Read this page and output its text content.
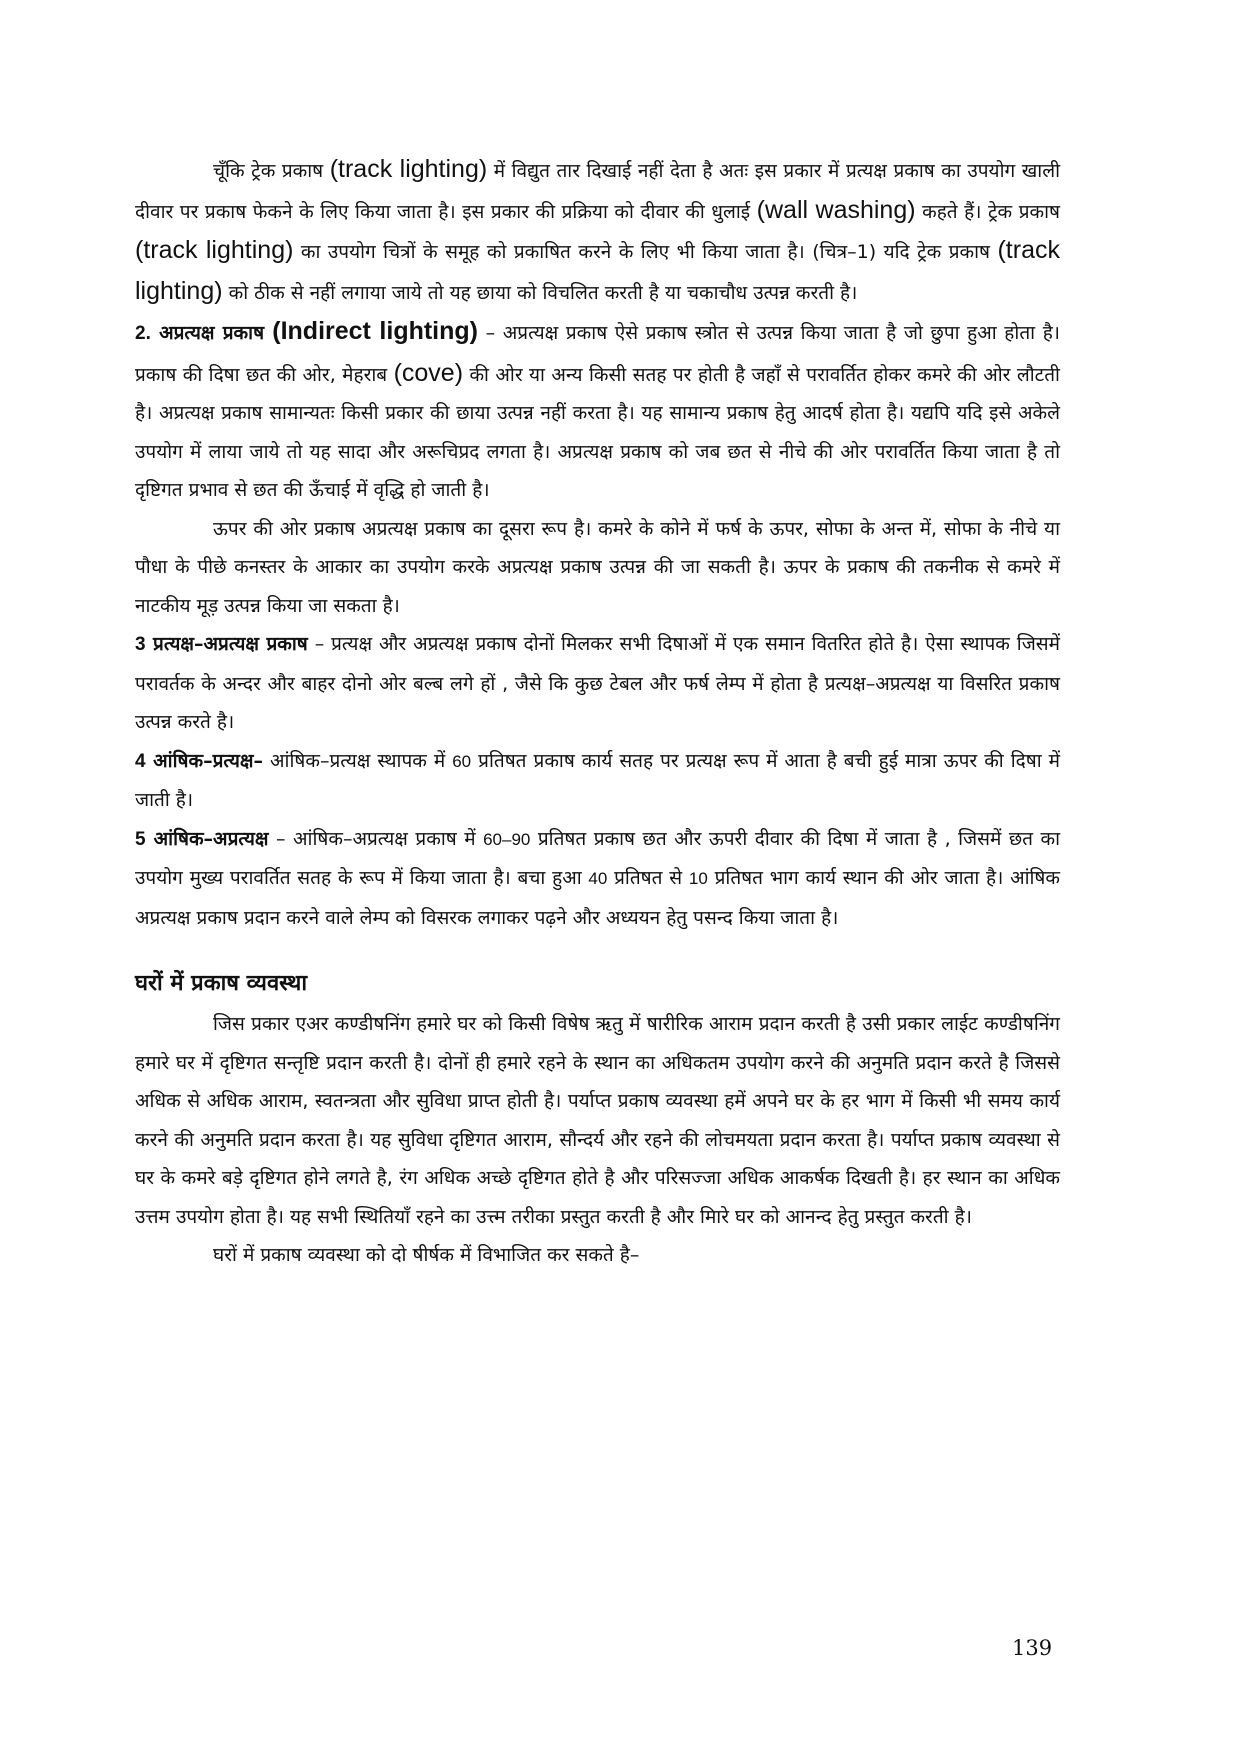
चूँकि ट्रेक प्रकाष (track lighting) में विद्युत तार दिखाई नहीं देता है अतः इस प्रकार में प्रत्यक्ष प्रकाष का उपयोग खाली दीवार पर प्रकाष फेकने के लिए किया जाता है। इस प्रकार की प्रक्रिया को दीवार की धुलाई (wall washing) कहते हैं। ट्रेक प्रकाष (track lighting) का उपयोग चित्रों के समूह को प्रकाषित करने के लिए भी किया जाता है। (चित्र–1) यदि ट्रेक प्रकाष (track lighting) को ठीक से नहीं लगाया जाये तो यह छाया को विचलित करती है या चकाचौध उत्पन्न करती है।

2. अप्रत्यक्ष प्रकाष (Indirect lighting) – अप्रत्यक्ष प्रकाष ऐसे प्रकाष स्त्रोत से उत्पन्न किया जाता है जो छुपा हुआ होता है। प्रकाष की दिषा छत की ओर, मेहराब (cove) की ओर या अन्य किसी सतह पर होती है जहाँ से परावर्तित होकर कमरे की ओर लौटती है। अप्रत्यक्ष प्रकाष सामान्यतः किसी प्रकार की छाया उत्पन्न नहीं करता है। यह सामान्य प्रकाष हेतु आदर्ष होता है। यद्यपि यदि इसे अकेले उपयोग में लाया जाये तो यह सादा और अरूचिप्रद लगता है। अप्रत्यक्ष प्रकाष को जब छत से नीचे की ओर परावर्तित किया जाता है तो दृष्टिगत प्रभाव से छत की ऊँचाई में वृद्धि हो जाती है।

ऊपर की ओर प्रकाष अप्रत्यक्ष प्रकाष का दूसरा रूप है। कमरे के कोने में फर्ष के ऊपर, सोफा के अन्त में, सोफा के नीचे या पौधा के पीछे कनस्तर के आकार का उपयोग करके अप्रत्यक्ष प्रकाष उत्पन्न की जा सकती है। ऊपर के प्रकाष की तकनीक से कमरे में नाटकीय मूड़ उत्पन्न किया जा सकता है।

3 प्रत्यक्ष–अप्रत्यक्ष प्रकाष – प्रत्यक्ष और अप्रत्यक्ष प्रकाष दोनों मिलकर सभी दिषाओं में एक समान वितरित होते है। ऐसा स्थापक जिसमें परावर्तक के अन्दर और बाहर दोनो ओर बल्ब लगे हों , जैसे कि कुछ टेबल और फर्ष लेम्प में होता है प्रत्यक्ष–अप्रत्यक्ष या विसरित प्रकाष उत्पन्न करते है।

4 आंषिक–प्रत्यक्ष– आंषिक–प्रत्यक्ष स्थापक में 60 प्रतिषत प्रकाष कार्य सतह पर प्रत्यक्ष रूप में आता है बची हुई मात्रा ऊपर की दिषा में जाती है।

5 आंषिक–अप्रत्यक्ष – आंषिक–अप्रत्यक्ष प्रकाष में 60–90 प्रतिषत प्रकाष छत और ऊपरी दीवार की दिषा में जाता है , जिसमें छत का उपयोग मुख्य परावर्तित सतह के रूप में किया जाता है। बचा हुआ 40 प्रतिषत से 10 प्रतिषत भाग कार्य स्थान की ओर जाता है। आंषिक अप्रत्यक्ष प्रकाष प्रदान करने वाले लेम्प को विसरक लगाकर पढ़ने और अध्ययन हेतु पसन्द किया जाता है।

घरों में प्रकाष व्यवस्था

जिस प्रकार एअर कण्डीषनिंग हमारे घर को किसी विषेष ऋतु में षारीरिक आराम प्रदान करती है उसी प्रकार लाईट कण्डीषनिंग हमारे घर में दृष्टिगत सन्तृष्टि प्रदान करती है। दोनों ही हमारे रहने के स्थान का अधिकतम उपयोग करने की अनुमति प्रदान करते है जिससे अधिक से अधिक आराम, स्वतन्त्रता और सुविधा प्राप्त होती है। पर्याप्त प्रकाष व्यवस्था हमें अपने घर के हर भाग में किसी भी समय कार्य करने की अनुमति प्रदान करता है। यह सुविधा दृष्टिगत आराम, सौन्दर्य और रहने की लोचमयता प्रदान करता है। पर्याप्त प्रकाष व्यवस्था से घर के कमरे बड़े दृष्टिगत होने लगते है, रंग अधिक अच्छे दृष्टिगत होते है और परिसज्जा अधिक आकर्षक दिखती है। हर स्थान का अधिक उत्तम उपयोग होता है। यह सभी स्थितियाँ रहने का उत्त्म तरीका प्रस्तुत करती है और मिारे घर को आनन्द हेतु प्रस्तुत करती है।

घरों में प्रकाष व्यवस्था को दो षीर्षक में विभाजित कर सकते है–

139
